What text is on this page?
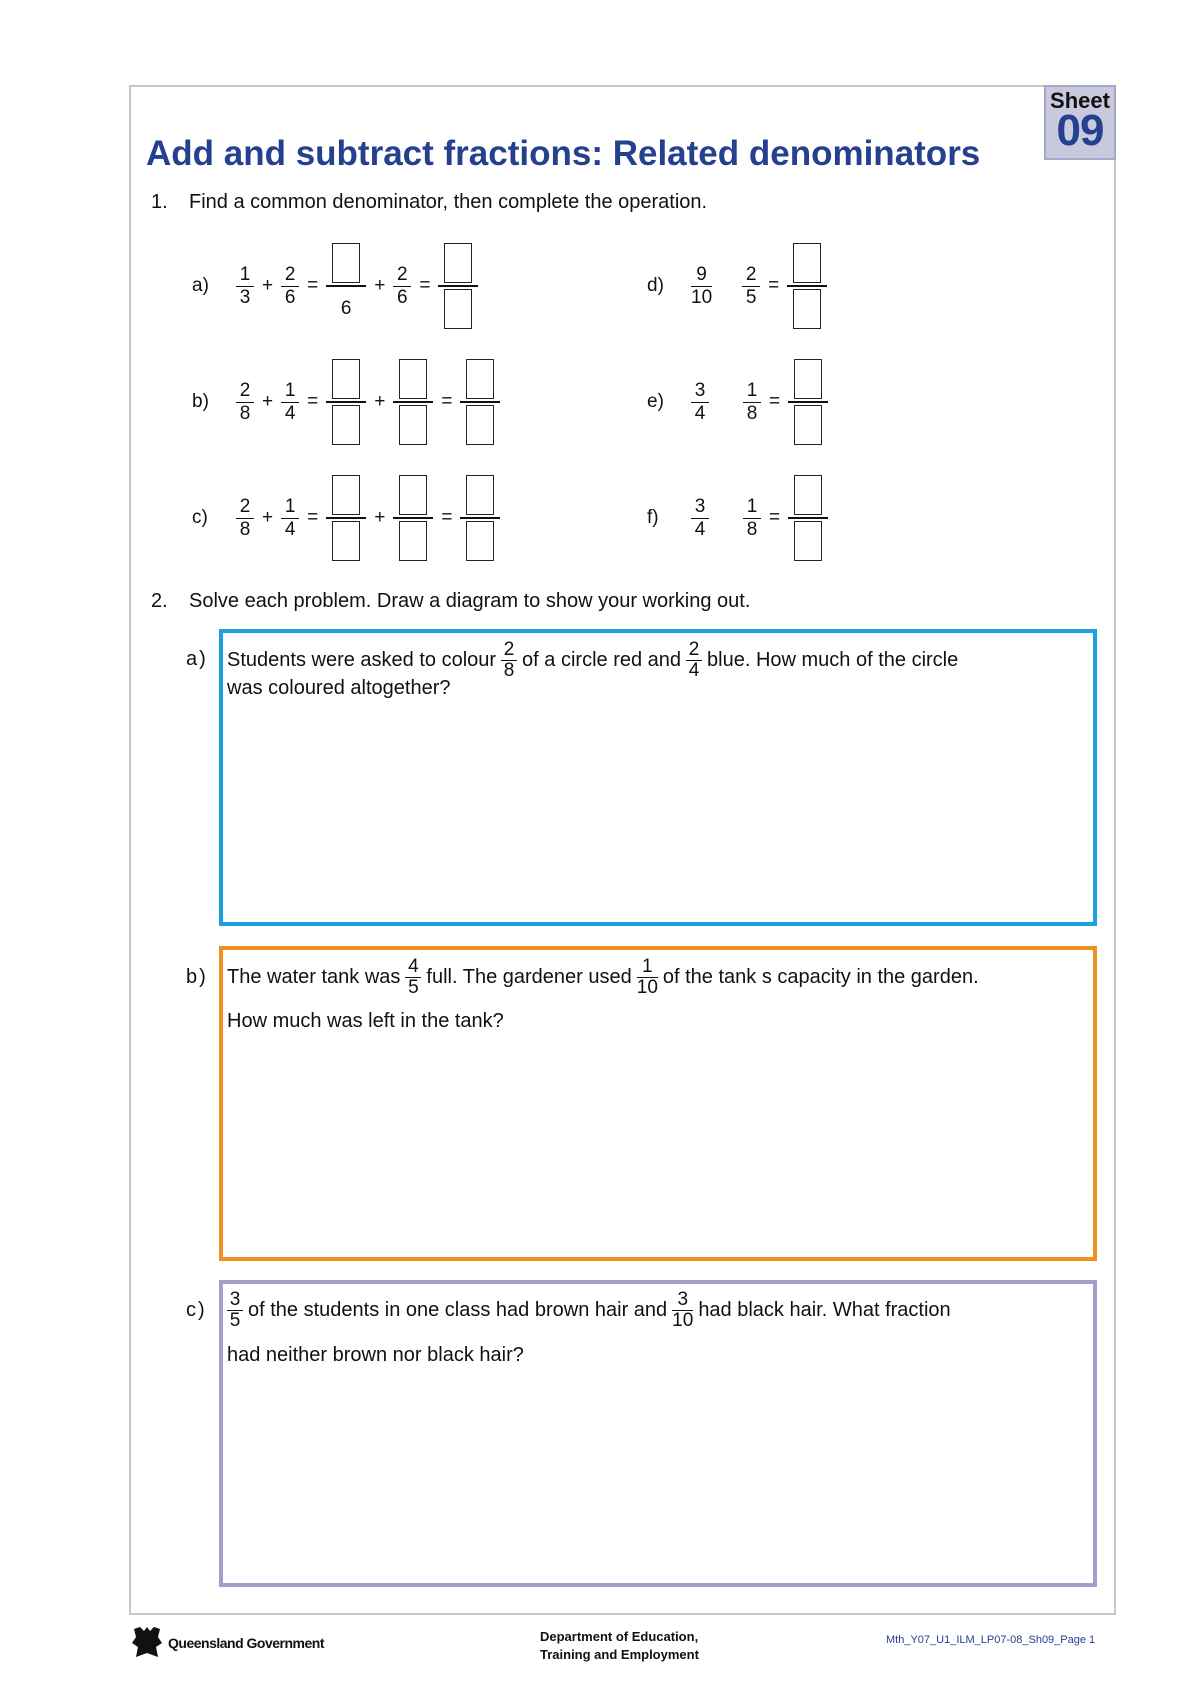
Sheet
09
Add and subtract fractions: Related denominators
1. Find a common denominator, then complete the operation.
a)	$\frac{1}{3} + \frac{2}{6}$ =
6
+ $\frac{2}{6}$ =
b)	$\frac{2}{8} + \frac{1}{4}$ =	+	=
c)	$\frac{2}{8} + \frac{1}{4}$ =	+	=
d)	$\frac{9}{10} \frac{2}{5}$ =
e)	$\frac{3}{4} \frac{1}{8}$ =
f)	$\frac{3}{4} \frac{1}{8}$ =
2. Solve each problem. Draw a diagram to show your working out.
a) Students were asked to colour $\frac{2}{8}$ of a circle red and $\frac{2}{4}$ blue. How much of the circle
was coloured altogether?
b) The water tank was $\frac{4}{5}$ full. The gardener used $\frac{1}{10}$ of the tank s capacity in the garden.
How much was left in the tank?
$c) \frac{3}{5}$ of the students in one class had brown hair and $\frac{3}{10}$ had black hair. What fraction
had neither brown nor black hair?
Queensland Government	Department of Education,
Training and Employment
Mth_Y07_U1_ILM_LP07-08_Sh09_Page 1
